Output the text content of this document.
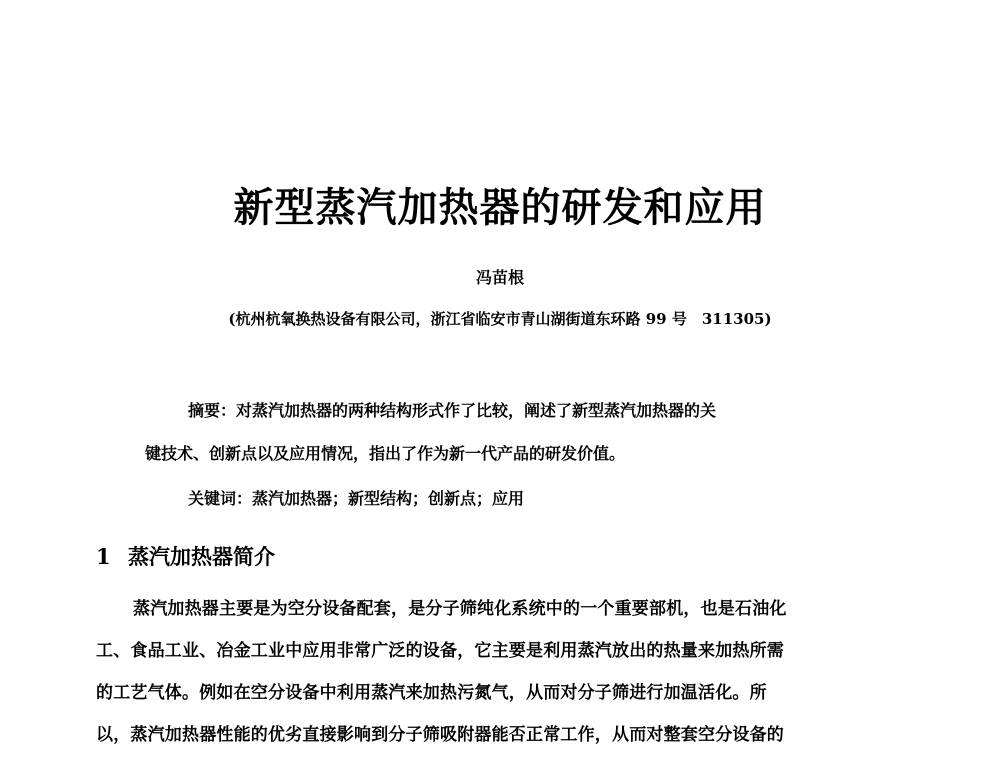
新型蒸汽加热器的研发和应用
冯苗根
(杭州杭氧换热设备有限公司，浙江省临安市青山湖街道东环路 99 号　311305)
摘要：对蒸汽加热器的两种结构形式作了比较，阐述了新型蒸汽加热器的关
键技术、创新点以及应用情况，指出了作为新一代产品的研发价值。
关键词：蒸汽加热器；新型结构；创新点；应用
1 蒸汽加热器简介
蒸汽加热器主要是为空分设备配套，是分子筛纯化系统中的一个重要部机，也是石油化
工、食品工业、冶金工业中应用非常广泛的设备，它主要是利用蒸汽放出的热量来加热所需
的工艺气体。例如在空分设备中利用蒸汽来加热污氮气，从而对分子筛进行加温活化。所
以，蒸汽加热器性能的优劣直接影响到分子筛吸附器能否正常工作，从而对整套空分设备的
